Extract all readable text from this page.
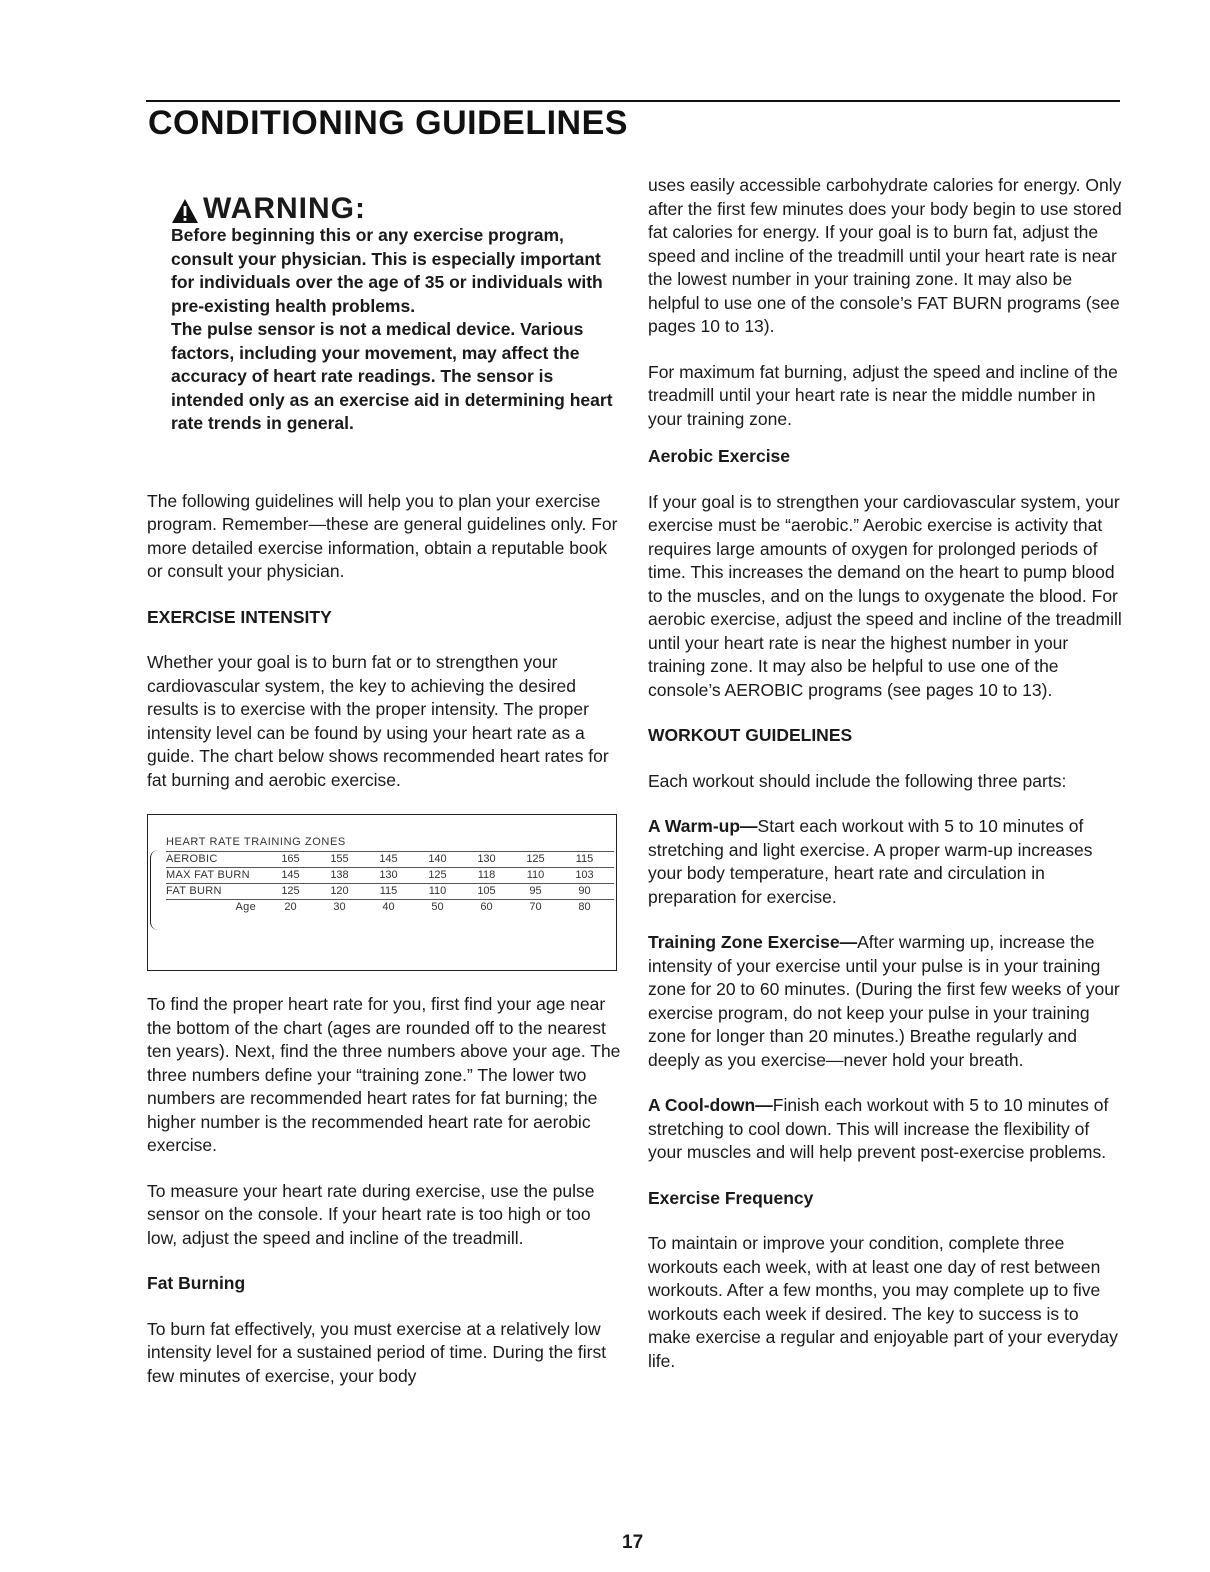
CONDITIONING GUIDELINES
WARNING:

Before beginning this or any exercise program, consult your physician. This is especially important for individuals over the age of 35 or individuals with pre-existing health problems.

The pulse sensor is not a medical device. Various factors, including your movement, may affect the accuracy of heart rate readings. The sensor is intended only as an exercise aid in determining heart rate trends in general.

The following guidelines will help you to plan your exercise program. Remember—these are general guidelines only. For more detailed exercise information, obtain a reputable book or consult your physician.

EXERCISE INTENSITY

Whether your goal is to burn fat or to strengthen your cardiovascular system, the key to achieving the desired results is to exercise with the proper intensity. The proper intensity level can be found by using your heart rate as a guide. The chart below shows recommended heart rates for fat burning and aerobic exercise.

HEART RATE TRAINING ZONES
AEROBIC	165	155	145	140	130	125	115
MAX FAT BURN	145	138	130	125	118	110	103
FAT BURN	125	120	115	110	105	95	90
Age	20	30	40	50	60	70	80

To find the proper heart rate for you, first find your age near the bottom of the chart (ages are rounded off to the nearest ten years). Next, find the three numbers above your age. The three numbers define your “training zone.” The lower two numbers are recommended heart rates for fat burning; the higher number is the recommended heart rate for aerobic exercise.

To measure your heart rate during exercise, use the pulse sensor on the console. If your heart rate is too high or too low, adjust the speed and incline of the treadmill.

Fat Burning

To burn fat effectively, you must exercise at a relatively low intensity level for a sustained period of time. During the first few minutes of exercise, your body

uses easily accessible carbohydrate calories for energy. Only after the first few minutes does your body begin to use stored fat calories for energy. If your goal is to burn fat, adjust the speed and incline of the treadmill until your heart rate is near the lowest number in your training zone. It may also be helpful to use one of the console’s FAT BURN programs (see pages 10 to 13).

For maximum fat burning, adjust the speed and incline of the treadmill until your heart rate is near the middle number in your training zone.

Aerobic Exercise

If your goal is to strengthen your cardiovascular system, your exercise must be “aerobic.” Aerobic exercise is activity that requires large amounts of oxygen for prolonged periods of time. This increases the demand on the heart to pump blood to the muscles, and on the lungs to oxygenate the blood. For aerobic exercise, adjust the speed and incline of the treadmill until your heart rate is near the highest number in your training zone. It may also be helpful to use one of the console’s AEROBIC programs (see pages 10 to 13).

WORKOUT GUIDELINES

Each workout should include the following three parts:

A Warm-up—Start each workout with 5 to 10 minutes of stretching and light exercise. A proper warm-up increases your body temperature, heart rate and circulation in preparation for exercise.

Training Zone Exercise—After warming up, increase the intensity of your exercise until your pulse is in your training zone for 20 to 60 minutes. (During the first few weeks of your exercise program, do not keep your pulse in your training zone for longer than 20 minutes.) Breathe regularly and deeply as you exercise—never hold your breath.

A Cool-down—Finish each workout with 5 to 10 minutes of stretching to cool down. This will increase the flexibility of your muscles and will help prevent post-exercise problems.

Exercise Frequency

To maintain or improve your condition, complete three workouts each week, with at least one day of rest between workouts. After a few months, you may complete up to five workouts each week if desired. The key to success is to make exercise a regular and enjoyable part of your everyday life.

17
